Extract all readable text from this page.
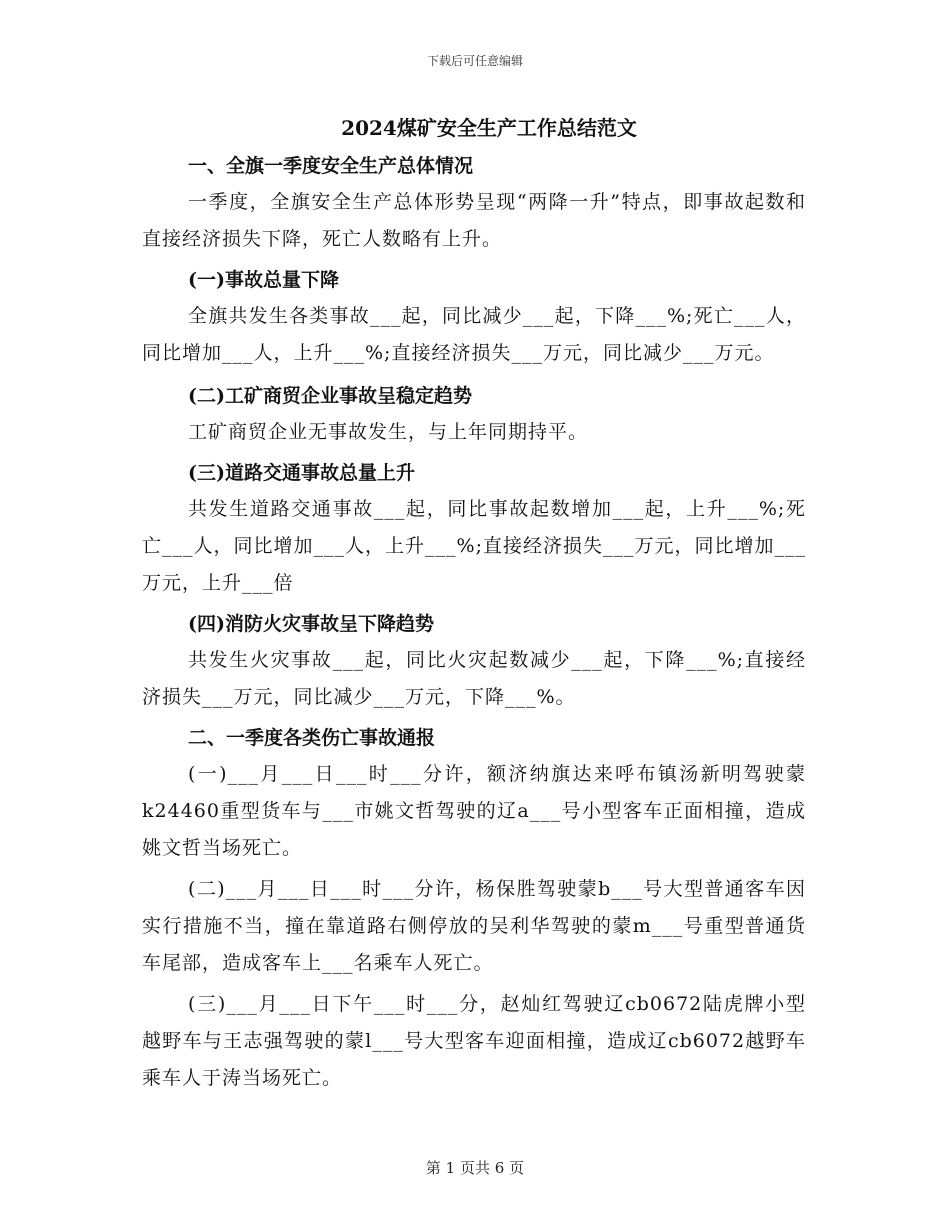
下载后可任意编辑
2024煤矿安全生产工作总结范文
一、全旗一季度安全生产总体情况

一季度，全旗安全生产总体形势呈现“两降一升”特点，即事故起数和直接经济损失下降，死亡人数略有上升。

(一)事故总量下降

全旗共发生各类事故___起，同比减少___起，下降___%;死亡___人，同比增加___人，上升___%;直接经济损失___万元，同比减少___万元。

(二)工矿商贸企业事故呈稳定趋势

工矿商贸企业无事故发生，与上年同期持平。

(三)道路交通事故总量上升

共发生道路交通事故___起，同比事故起数增加___起，上升___%;死亡___人，同比增加___人，上升___%;直接经济损失___万元，同比增加___万元，上升___倍

(四)消防火灾事故呈下降趋势

共发生火灾事故___起，同比火灾起数减少___起，下降___%;直接经济损失___万元，同比减少___万元，下降___%。

二、一季度各类伤亡事故通报

(一)___月___日___时___分许，额济纳旗达来呼布镇汤新明驾驶蒙k24460重型货车与___市姚文哲驾驶的辽a___号小型客车正面相撞，造成姚文哲当场死亡。

(二)___月___日___时___分许，杨保胜驾驶蒙b___号大型普通客车因实行措施不当，撞在靠道路右侧停放的吴利华驾驶的蒙m___号重型普通货车尾部，造成客车上___名乘车人死亡。

(三)___月___日下午___时___分，赵灿红驾驶辽cb0672陆虎牌小型越野车与王志强驾驶的蒙l___号大型客车迎面相撞，造成辽cb6072越野车乘车人于涛当场死亡。

第 1 页共 6 页
